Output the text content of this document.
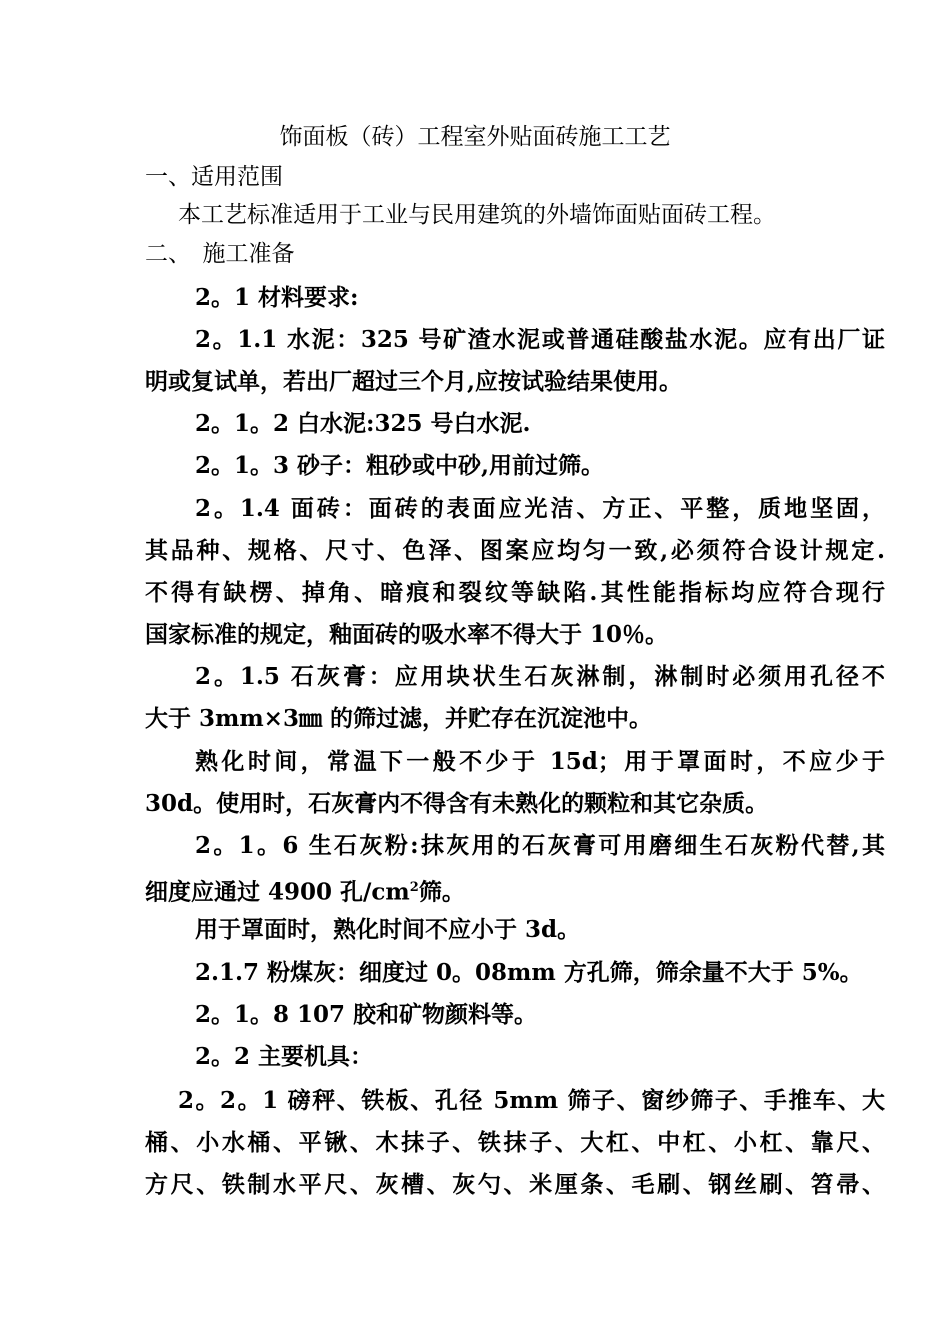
饰面板（砖）工程室外贴面砖施工工艺
一、适用范围
本工艺标准适用于工业与民用建筑的外墙饰面贴面砖工程。
二、　施工准备
2。1 材料要求:
2。1.1 水泥：325 号矿渣水泥或普通硅酸盐水泥。应有出厂证
明或复试单，若出厂超过三个月,应按试验结果使用。
2。1。2 白水泥:325 号白水泥.
2。1。3 砂子：粗砂或中砂,用前过筛。
2。1.4 面砖：面砖的表面应光洁、方正、平整，质地坚固，
其品种、规格、尺寸、色泽、图案应均匀一致,必须符合设计规定.
不得有缺楞、掉角、暗痕和裂纹等缺陷.其性能指标均应符合现行
国家标准的规定，釉面砖的吸水率不得大于 10％。
2。1.5 石灰膏：应用块状生石灰淋制，淋制时必须用孔径不
大于 3mm×3㎜ 的筛过滤，并贮存在沉淀池中。
熟化时间，常温下一般不少于 15d；用于罩面时，不应少于
30d。使用时，石灰膏内不得含有未熟化的颗粒和其它杂质。
2。1。6 生石灰粉:抹灰用的石灰膏可用磨细生石灰粉代替,其
细度应通过 4900 孔$/cm^2$筛。
用于罩面时，熟化时间不应小于 3d。
2.1.7 粉煤灰：细度过 0。08mm 方孔筛，筛余量不大于 5%。
2。1。8 107 胶和矿物颜料等。
2。2 主要机具：
2。2。1 磅秤、铁板、孔径 5mm 筛子、窗纱筛子、手推车、大
桶、小水桶、平锹、木抹子、铁抹子、大杠、中杠、小杠、靠尺、
方尺、铁制水平尺、灰槽、灰勺、米厘条、毛刷、钢丝刷、笤帚、
